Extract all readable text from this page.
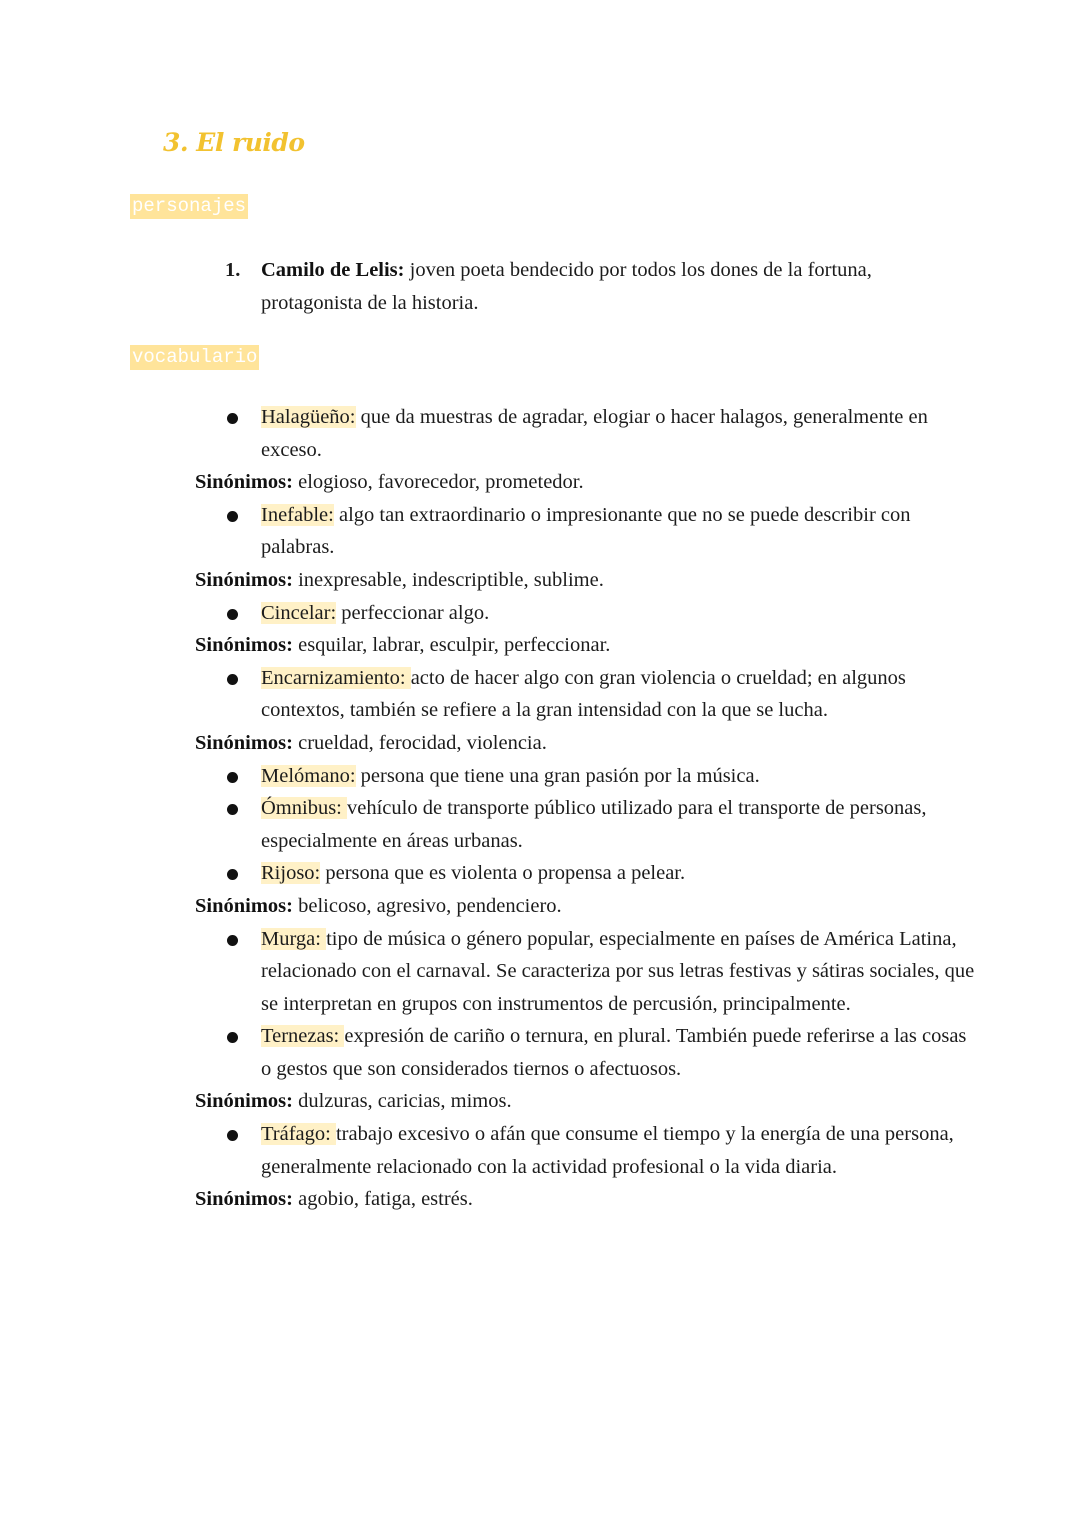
3. El ruido
personajes
1. Camilo de Lelis: joven poeta bendecido por todos los dones de la fortuna, protagonista de la historia.
vocabulario
Halagüeño: que da muestras de agradar, elogiar o hacer halagos, generalmente en exceso.
Sinónimos: elogioso, favorecedor, prometedor.
Inefable: algo tan extraordinario o impresionante que no se puede describir con palabras.
Sinónimos: inexpresable, indescriptible, sublime.
Cincelar: perfeccionar algo.
Sinónimos: esquilar, labrar, esculpir, perfeccionar.
Encarnizamiento: acto de hacer algo con gran violencia o crueldad; en algunos contextos, también se refiere a la gran intensidad con la que se lucha.
Sinónimos: crueldad, ferocidad, violencia.
Melómano: persona que tiene una gran pasión por la música.
Ómnibus: vehículo de transporte público utilizado para el transporte de personas, especialmente en áreas urbanas.
Rijoso: persona que es violenta o propensa a pelear.
Sinónimos: belicoso, agresivo, pendenciero.
Murga: tipo de música o género popular, especialmente en países de América Latina, relacionado con el carnaval. Se caracteriza por sus letras festivas y sátiras sociales, que se interpretan en grupos con instrumentos de percusión, principalmente.
Ternezas: expresión de cariño o ternura, en plural. También puede referirse a las cosas o gestos que son considerados tiernos o afectuosos.
Sinónimos: dulzuras, caricias, mimos.
Tráfago: trabajo excesivo o afán que consume el tiempo y la energía de una persona, generalmente relacionado con la actividad profesional o la vida diaria.
Sinónimos: agobio, fatiga, estrés.
